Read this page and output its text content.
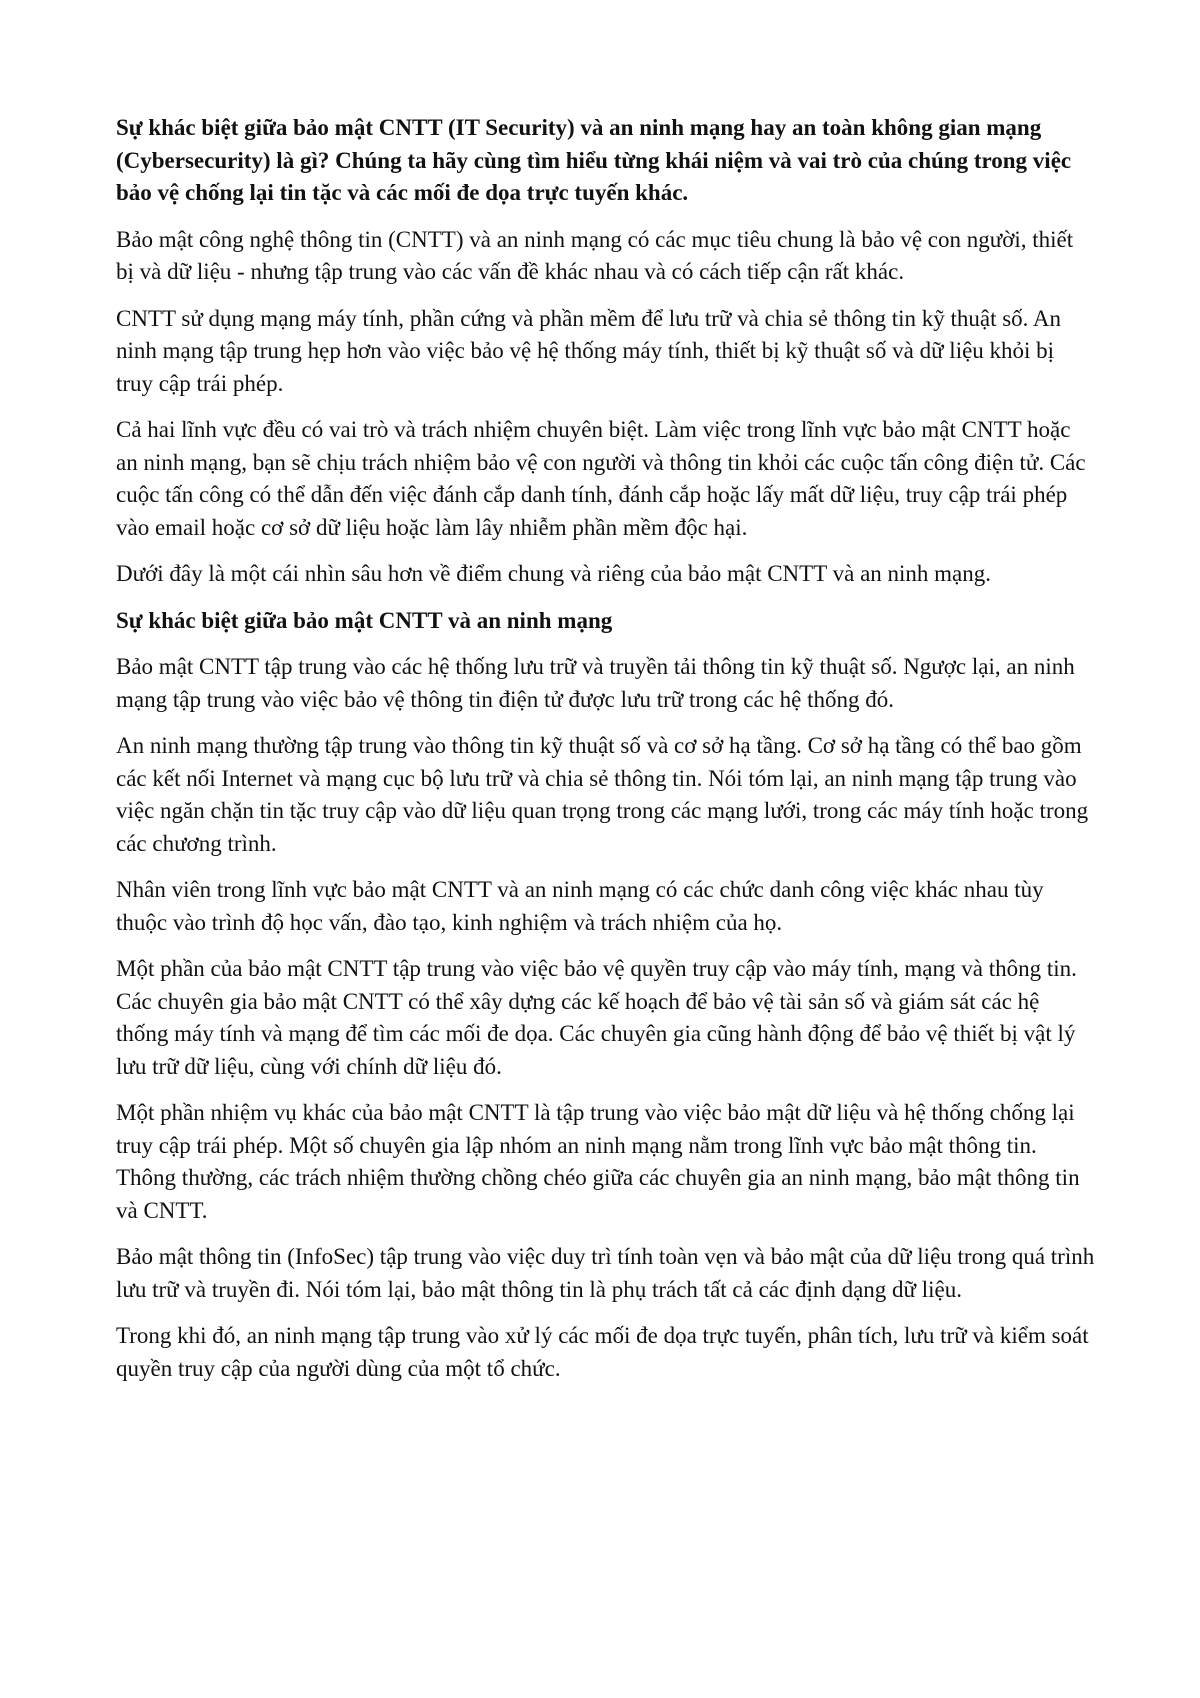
Sự khác biệt giữa bảo mật CNTT (IT Security) và an ninh mạng hay an toàn không gian mạng (Cybersecurity) là gì? Chúng ta hãy cùng tìm hiểu từng khái niệm và vai trò của chúng trong việc bảo vệ chống lại tin tặc và các mối đe dọa trực tuyến khác.

Bảo mật công nghệ thông tin (CNTT) và an ninh mạng có các mục tiêu chung là bảo vệ con người, thiết bị và dữ liệu - nhưng tập trung vào các vấn đề khác nhau và có cách tiếp cận rất khác.

CNTT sử dụng mạng máy tính, phần cứng và phần mềm để lưu trữ và chia sẻ thông tin kỹ thuật số. An ninh mạng tập trung hẹp hơn vào việc bảo vệ hệ thống máy tính, thiết bị kỹ thuật số và dữ liệu khỏi bị truy cập trái phép.

Cả hai lĩnh vực đều có vai trò và trách nhiệm chuyên biệt. Làm việc trong lĩnh vực bảo mật CNTT hoặc an ninh mạng, bạn sẽ chịu trách nhiệm bảo vệ con người và thông tin khỏi các cuộc tấn công điện tử. Các cuộc tấn công có thể dẫn đến việc đánh cắp danh tính, đánh cắp hoặc lấy mất dữ liệu, truy cập trái phép vào email hoặc cơ sở dữ liệu hoặc làm lây nhiễm phần mềm độc hại.

Dưới đây là một cái nhìn sâu hơn về điểm chung và riêng của bảo mật CNTT và an ninh mạng.

Sự khác biệt giữa bảo mật CNTT và an ninh mạng

Bảo mật CNTT tập trung vào các hệ thống lưu trữ và truyền tải thông tin kỹ thuật số. Ngược lại, an ninh mạng tập trung vào việc bảo vệ thông tin điện tử được lưu trữ trong các hệ thống đó.

An ninh mạng thường tập trung vào thông tin kỹ thuật số và cơ sở hạ tầng. Cơ sở hạ tầng có thể bao gồm các kết nối Internet và mạng cục bộ lưu trữ và chia sẻ thông tin. Nói tóm lại, an ninh mạng tập trung vào việc ngăn chặn tin tặc truy cập vào dữ liệu quan trọng trong các mạng lưới, trong các máy tính hoặc trong các chương trình.

Nhân viên trong lĩnh vực bảo mật CNTT và an ninh mạng có các chức danh công việc khác nhau tùy thuộc vào trình độ học vấn, đào tạo, kinh nghiệm và trách nhiệm của họ.

Một phần của bảo mật CNTT tập trung vào việc bảo vệ quyền truy cập vào máy tính, mạng và thông tin. Các chuyên gia bảo mật CNTT có thể xây dựng các kế hoạch để bảo vệ tài sản số và giám sát các hệ thống máy tính và mạng để tìm các mối đe dọa. Các chuyên gia cũng hành động để bảo vệ thiết bị vật lý lưu trữ dữ liệu, cùng với chính dữ liệu đó.

Một phần nhiệm vụ khác của bảo mật CNTT là tập trung vào việc bảo mật dữ liệu và hệ thống chống lại truy cập trái phép. Một số chuyên gia lập nhóm an ninh mạng nằm trong lĩnh vực bảo mật thông tin. Thông thường, các trách nhiệm thường chồng chéo giữa các chuyên gia an ninh mạng, bảo mật thông tin và CNTT.

Bảo mật thông tin (InfoSec) tập trung vào việc duy trì tính toàn vẹn và bảo mật của dữ liệu trong quá trình lưu trữ và truyền đi. Nói tóm lại, bảo mật thông tin là phụ trách tất cả các định dạng dữ liệu.

Trong khi đó, an ninh mạng tập trung vào xử lý các mối đe dọa trực tuyến, phân tích, lưu trữ và kiểm soát quyền truy cập của người dùng của một tổ chức.
